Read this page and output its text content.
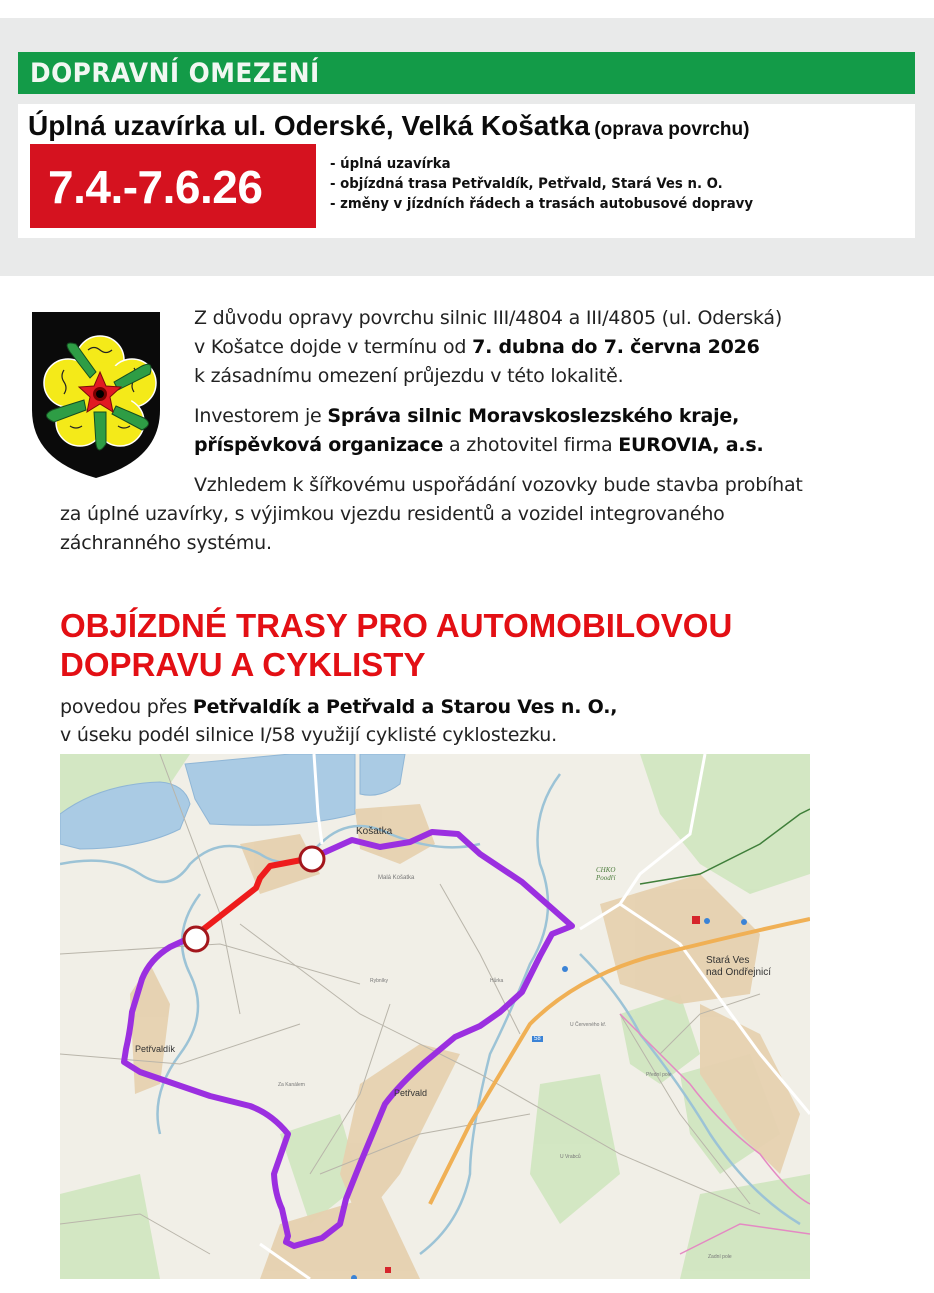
DOPRAVNÍ OMEZENÍ
Úplná uzavírka ul. Oderské, Velká Košatka (oprava povrchu)
7.4.-7.6.26	- úplná uzavírka
- objízdná trasa Petřvaldík, Petřvald, Stará Ves n. O.
- změny v jízdních řádech a trasách autobusové dopravy
Z důvodu opravy povrchu silnic III/4804 a III/4805 (ul. Oderská)
v Košatce dojde v termínu od 7. dubna do 7. června 2026
k zásadnímu omezení průjezdu v této lokalitě.
Investorem je Správa silnic Moravskoslezského kraje,
příspěvková organizace a zhotovitel firma EUROVIA, a.s.
Vzhledem k šířkovému uspořádání vozovky bude stavba probíhat
za úplné uzavírky, s výjimkou vjezdu residentů a vozidel integrovaného
záchranného systému.
OBJÍZDNÉ TRASY PRO AUTOMOBILOVOU
DOPRAVU A CYKLISTY
povedou přes Petřvaldík a Petřvald a Starou Ves n. O.,
v úseku podél silnice I/58 využijí cyklisté cyklostezku.
Košatka
Malá Košatka
Petřvaldík
Petřvald
Stará Ves
nad Ondřejnicí
CHKO
Poodří
Rybníky
Za Kanálem
Hůrka
U Červeného kř.
Přední pole
U Vrabců
Zadní pole
58
